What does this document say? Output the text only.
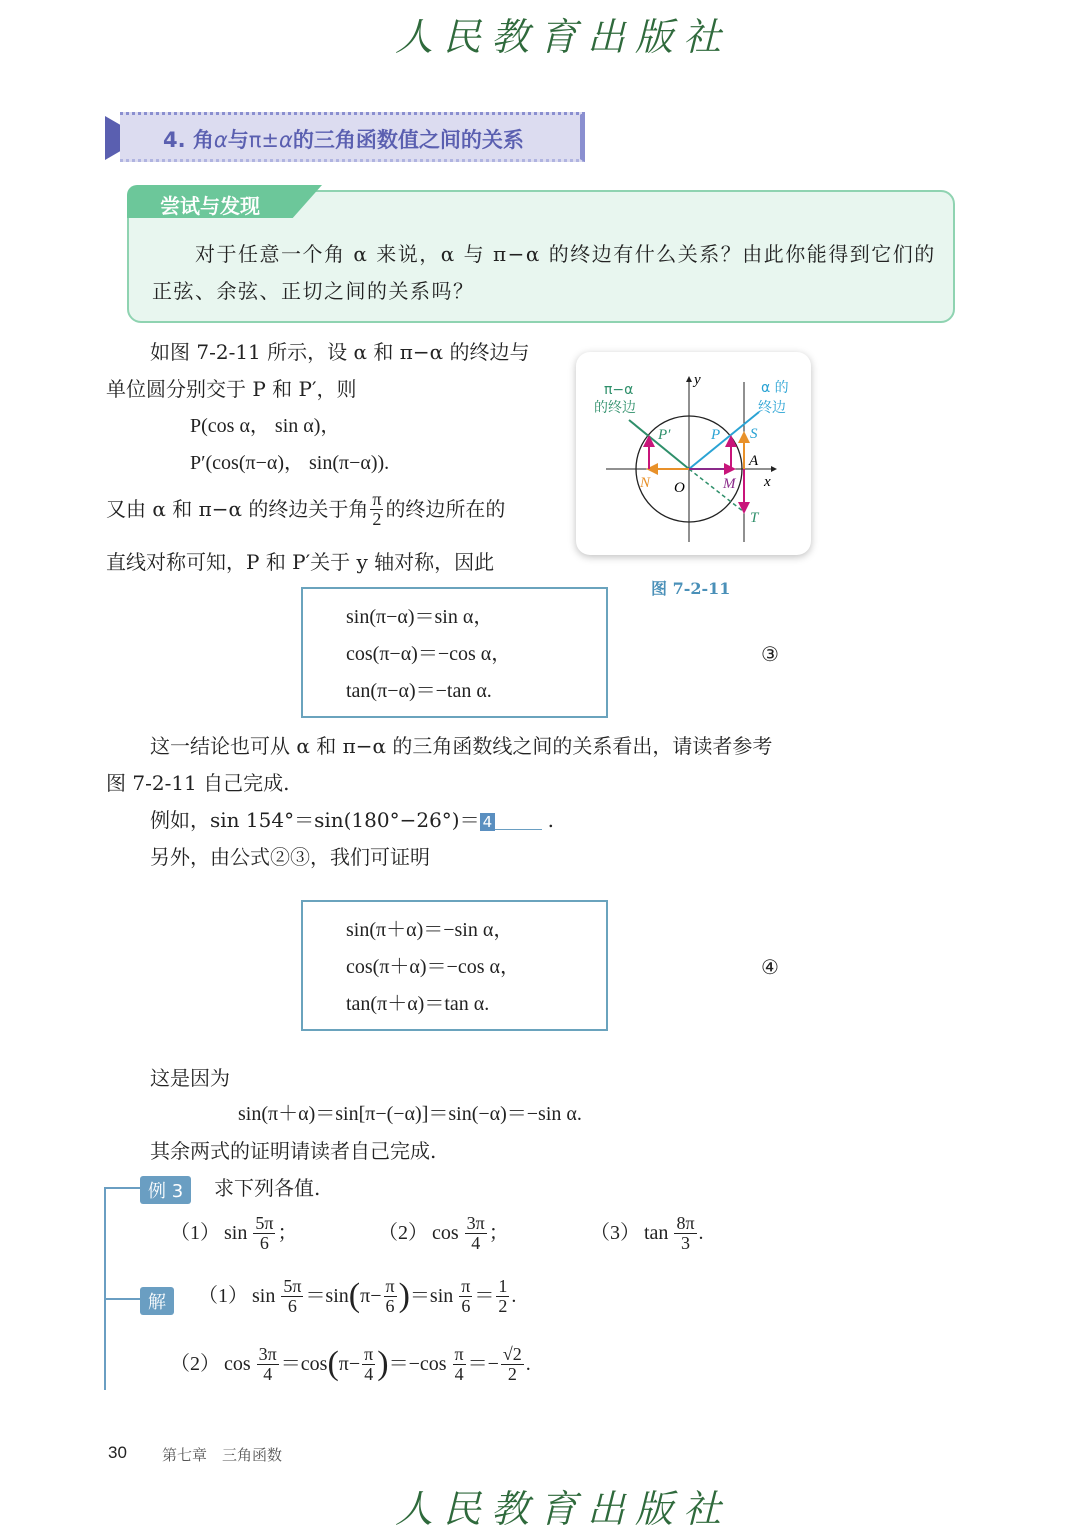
人民教育出版社
4. 角α与π±α的三角函数值之间的关系
尝试与发现
对于任意一个角 α 来说，α 与 π−α 的终边有什么关系？由此你能得到它们的
正弦、余弦、正切之间的关系吗？
如图 7-2-11 所示，设 α 和 π−α 的终边与
单位圆分别交于 P 和 P′，则
P(cos α， sin α)，
P′(cos(π−α)， sin(π−α)).
又由 α 和 π−α 的终边关于角 $\frac{\pi}{2}$ 的终边所在的
直线对称可知，P 和 P′关于 y 轴对称，因此
y
x
O
P
P′	S
A
M
N
T
π−α
的终边
α 的
终边
图 7-2-11
sin(π−α)＝sin α，
cos(π−α)＝−cos α，
tan(π−α)＝−tan α.
③
这一结论也可从 α 和 π−α 的三角函数线之间的关系看出，请读者参考
图 7-2-11 自己完成.
例如，sin 154°＝sin(180°−26°)＝ 4	.
另外，由公式②③，我们可证明
sin(π＋α)＝−sin α，
cos(π＋α)＝−cos α，
tan(π＋α)＝tan α.
④
这是因为
sin(π＋α)＝sin[π−(−α)]＝sin(−α)＝−sin α.
其余两式的证明请读者自己完成.
例 3	求下列各值.
（1） $\sin \frac{5\pi}{6}$ ；	（2） $\cos \frac{3\pi}{4}$ ；	（3） $\tan \frac{8\pi}{3}$ .
解	（1） $\sin \frac{5\pi}{6} =\sin$ ( $\pi- \frac{\pi}{6}$ ) $=\sin \frac{\pi}{6} = \frac{1}{2}$ .
（2） $\cos \frac{3\pi}{4} =\cos$ ( $\pi- \frac{\pi}{4}$ ) $=-\cos \frac{\pi}{4} =- \frac{√2}{2}$ .
30 第七章　三角函数
人民教育出版社
